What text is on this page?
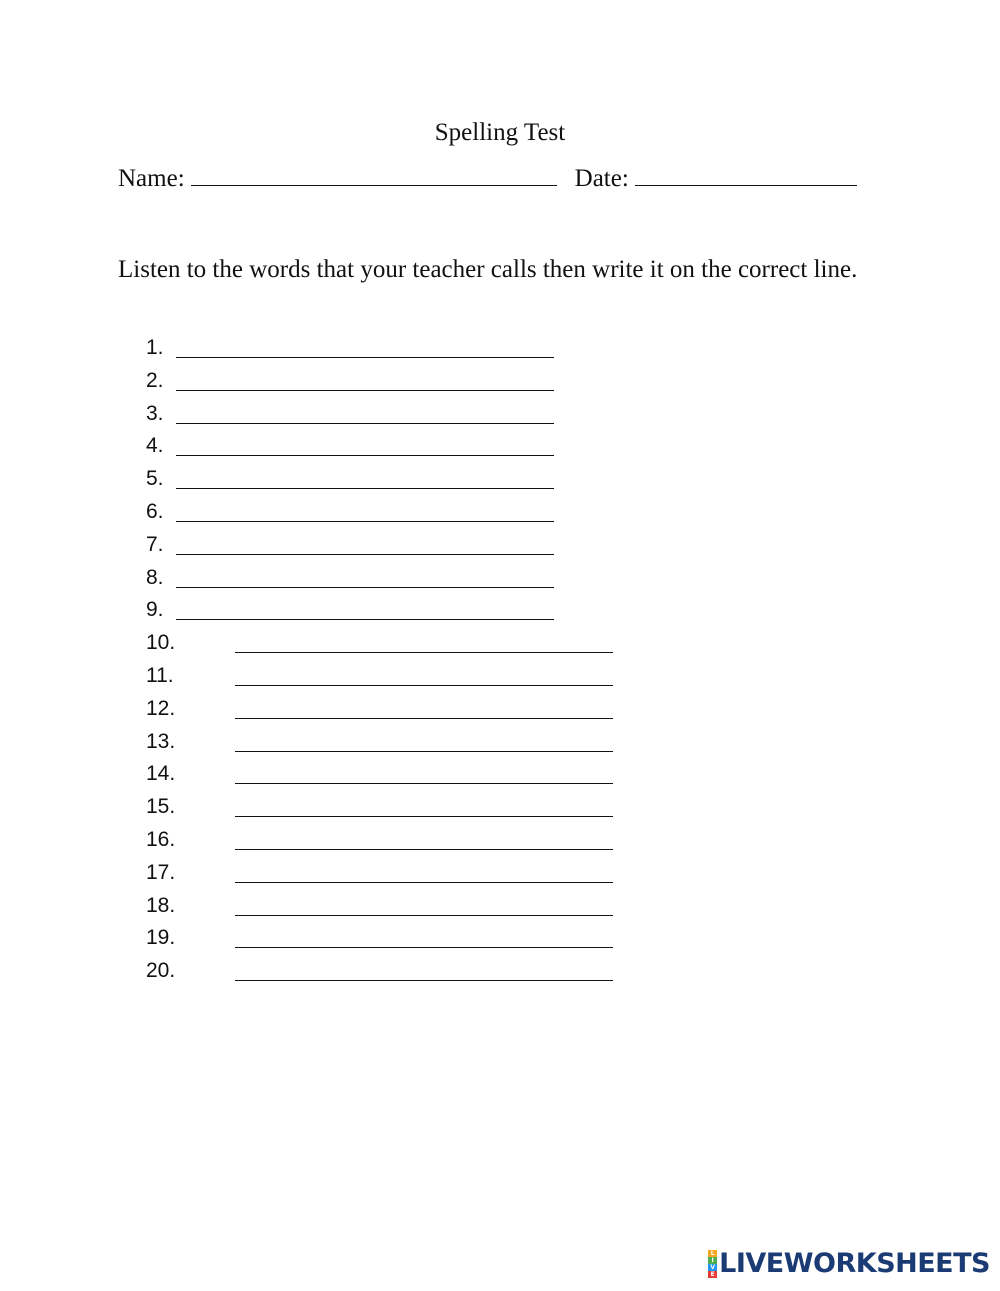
Spelling Test
Name:	Date:
Listen to the words that your teacher calls then write it on the correct line.
1.
2.
3.
4.
5.
6.
7.
8.
9.
10.
11.
12.
13.
14.
15.
16.
17.
18.
19.
20.
L
I
V
E LIVEWORKSHEETS
